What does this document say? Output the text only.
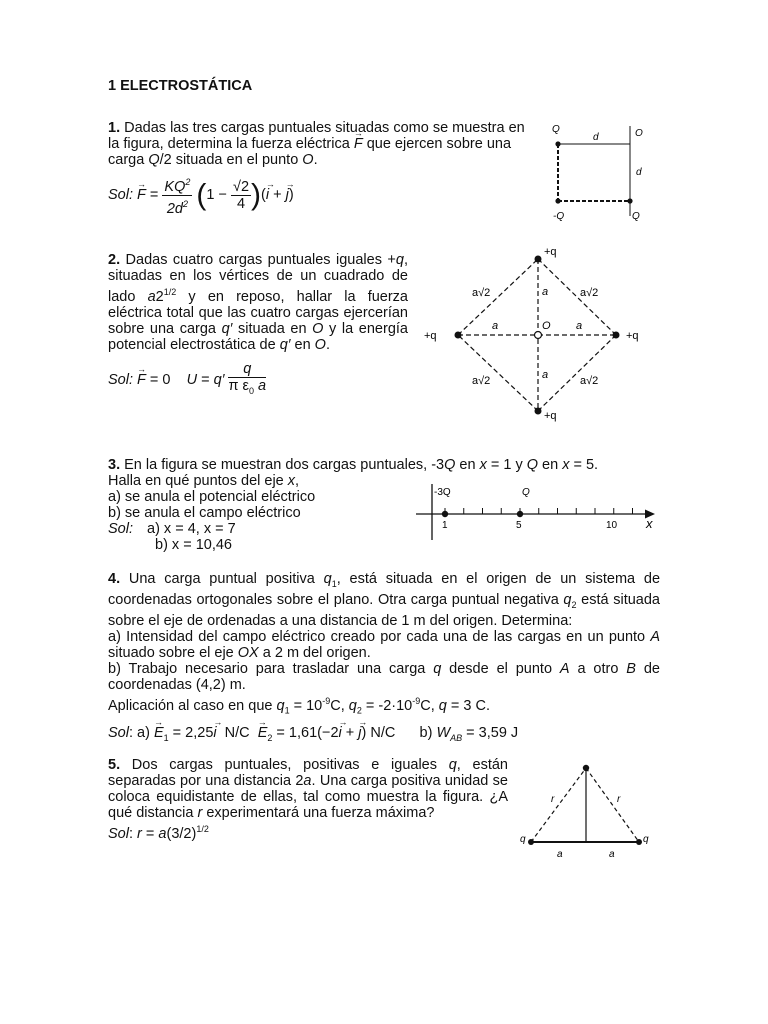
1 ELECTROSTÁTICA

1. Dadas las tres cargas puntuales situadas como se muestra en la figura, determina la fuerza eléctrica → F que ejercen sobre una carga Q/2 situada en el punto O.

Sol: → $F = \frac{KQ^2}{2d^2} (1 - \frac{√2}{4}$ )(→ i + → j)
Q
d	O
d
-Q	Q

2. Dadas cuatro cargas puntuales iguales +q, situadas en los vértices de un cuadrado de lado $a2^{1/2}$ y en reposo, hallar la fuerza eléctrica total que las cuatro cargas ejercerían sobre una carga q′ situada en O y la energía potencial electrostática de q′ en O.

Sol: → F = 0    $U = q' \frac{q}{\pi \varepsilon_0 a}$
+q
+q	+q
+q
O
a
a	a
a
a√2	a√2
a√2	a√2

3. En la figura se muestran dos cargas puntuales, -3Q en x = 1 y Q en x = 5.

Halla en qué puntos del eje x,

a) se anula el potencial eléctrico

b) se anula el campo eléctrico

Sol: a) x = 4, x = 7

b) x = 10,46

-3Q	Q
1	5	10 x

4. Una carga puntual positiva $q_1$, está situada en el origen de un sistema de coordenadas ortogonales sobre el plano. Otra carga puntual negativa $q_2$ está situada sobre el eje de ordenadas a una distancia de 1 m del origen. Determina:

a) Intensidad del campo eléctrico creado por cada una de las cargas en un punto A situado sobre el eje OX a 2 m del origen.

b) Trabajo necesario para trasladar una carga q desde el punto A a otro B de coordenadas (4,2) m.

Aplicación al caso en que $q_1 = 10^{-9}C$, $q_2 = -2\cdot 10^{-9}C$, q = 3 C.

Sol: $a) \to E_1 = 2,25\to i$  $N/C \to E_2 = 1,61(-2\to i$ + → j) N/C      b) $W_{AB} = 3,59$ J

5. Dos cargas puntuales, positivas e iguales q, están separadas por una distancia 2a. Una carga positiva unidad se coloca equidistante de ellas, tal como muestra la figura. ¿A qué distancia r experimentará una fuerza máxima?

Sol: $r = a(3/2)^{1/2}$

q	q
r	r
a	a
